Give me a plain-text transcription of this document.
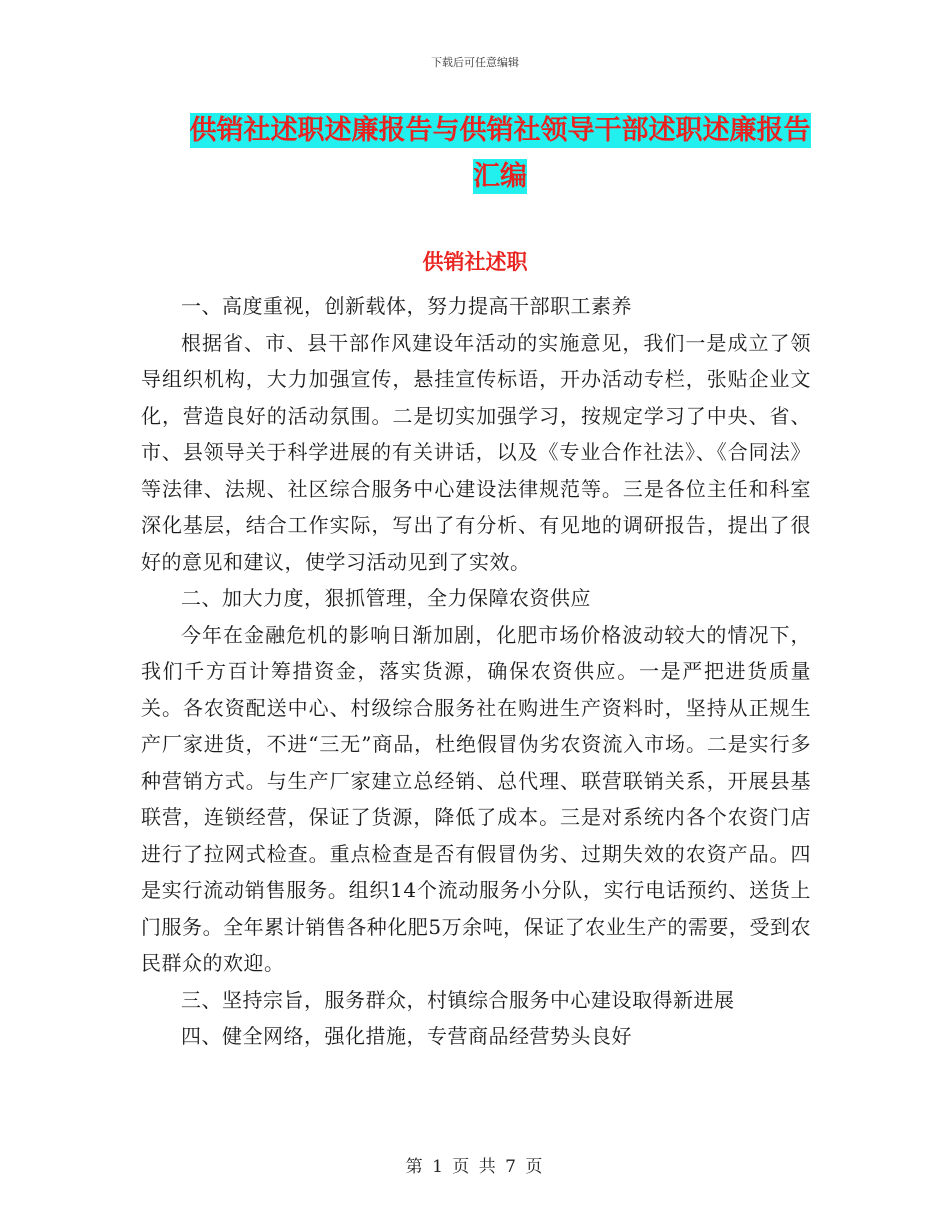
下载后可任意编辑
供销社述职述廉报告与供销社领导干部述职述廉报告汇编
供销社述职

一、高度重视，创新载体，努力提高干部职工素养

根据省、市、县干部作风建设年活动的实施意见，我们一是成立了领导组织机构，大力加强宣传，悬挂宣传标语，开办活动专栏，张贴企业文化，营造良好的活动氛围。二是切实加强学习，按规定学习了中央、省、市、县领导关于科学进展的有关讲话，以及《专业合作社法》、《合同法》等法律、法规、社区综合服务中心建设法律规范等。三是各位主任和科室深化基层，结合工作实际，写出了有分析、有见地的调研报告，提出了很好的意见和建议，使学习活动见到了实效。

二、加大力度，狠抓管理，全力保障农资供应

今年在金融危机的影响日渐加剧，化肥市场价格波动较大的情况下，我们千方百计筹措资金，落实货源，确保农资供应。一是严把进货质量关。各农资配送中心、村级综合服务社在购进生产资料时，坚持从正规生产厂家进货，不进“三无”商品，杜绝假冒伪劣农资流入市场。二是实行多种营销方式。与生产厂家建立总经销、总代理、联营联销关系，开展县基联营，连锁经营，保证了货源，降低了成本。三是对系统内各个农资门店进行了拉网式检查。重点检查是否有假冒伪劣、过期失效的农资产品。四是实行流动销售服务。组织14个流动服务小分队，实行电话预约、送货上门服务。全年累计销售各种化肥5万余吨，保证了农业生产的需要，受到农民群众的欢迎。

三、坚持宗旨，服务群众，村镇综合服务中心建设取得新进展

四、健全网络，强化措施，专营商品经营势头良好

第 1 页 共 7 页
